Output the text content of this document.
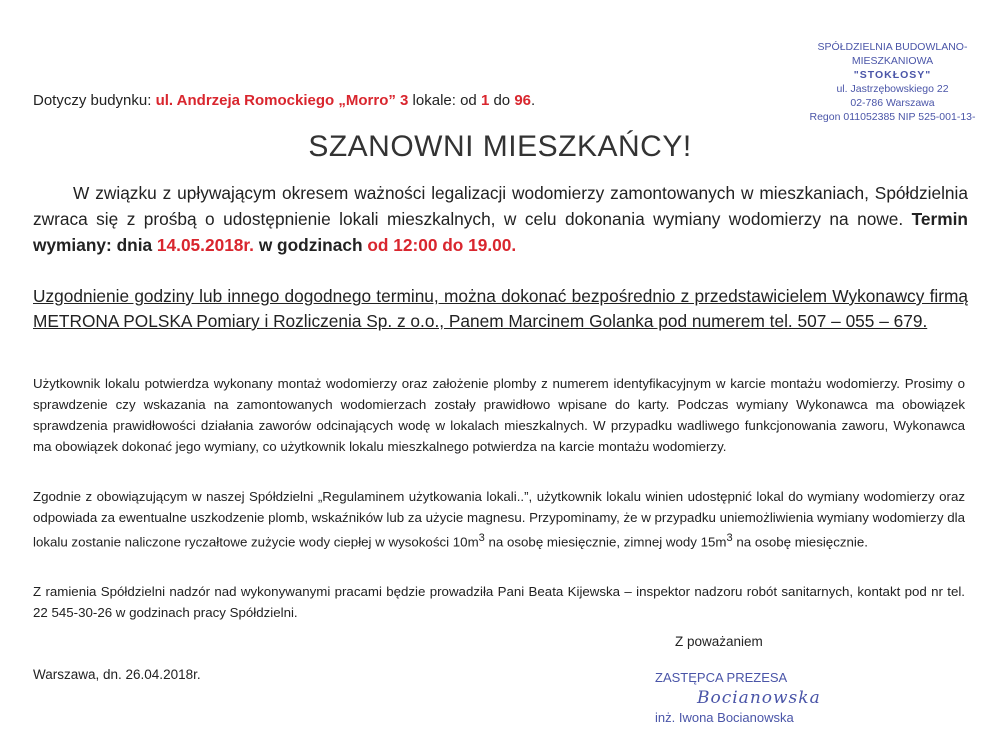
SPÓŁDZIELNIA BUDOWLANO-MIESZKANIOWA
"STOKŁOSY"
ul. Jastrzębowskiego 22
02-786 Warszawa
Regon 011052385 NIP 525-001-13-
Dotyczy budynku: ul. Andrzeja Romockiego „Morro” 3 lokale: od 1 do 96.
SZANOWNI MIESZKAŃCY!
W związku z upływającym okresem ważności legalizacji wodomierzy zamontowanych w mieszkaniach, Spółdzielnia zwraca się z prośbą o udostępnienie lokali mieszkalnych, w celu dokonania wymiany wodomierzy na nowe. Termin wymiany: dnia 14.05.2018r. w godzinach od 12:00 do 19.00.
Uzgodnienie godziny lub innego dogodnego terminu, można dokonać bezpośrednio z przedstawicielem Wykonawcy firmą METRONA POLSKA Pomiary i Rozliczenia Sp. z o.o., Panem Marcinem Golanka pod numerem tel. 507 – 055 – 679.
Użytkownik lokalu potwierdza wykonany montaż wodomierzy oraz założenie plomby z numerem identyfikacyjnym w karcie montażu wodomierzy. Prosimy o sprawdzenie czy wskazania na zamontowanych wodomierzach zostały prawidłowo wpisane do karty. Podczas wymiany Wykonawca ma obowiązek sprawdzenia prawidłowości działania zaworów odcinających wodę w lokalach mieszkalnych. W przypadku wadliwego funkcjonowania zaworu, Wykonawca ma obowiązek dokonać jego wymiany, co użytkownik lokalu mieszkalnego potwierdza na karcie montażu wodomierzy.
Zgodnie z obowiązującym w naszej Spółdzielni „Regulaminem użytkowania lokali..”, użytkownik lokalu winien udostępnić lokal do wymiany wodomierzy oraz odpowiada za ewentualne uszkodzenie plomb, wskaźników lub za użycie magnesu. Przypominamy, że w przypadku uniemożliwienia wymiany wodomierzy dla lokalu zostanie naliczone ryczałtowe zużycie wody ciepłej w wysokości $10m^3$ na osobę miesięcznie, zimnej wody $15m^3$ na osobę miesięcznie.
Z ramienia Spółdzielni nadzór nad wykonywanymi pracami będzie prowadziła Pani Beata Kijewska – inspektor nadzoru robót sanitarnych, kontakt pod nr tel. 22 545-30-26 w godzinach pracy Spółdzielni.
Z poważaniem
Warszawa, dn. 26.04.2018r.	ZASTĘPCA PREZESA
Bocianowska
inż. Iwona Bocianowska
